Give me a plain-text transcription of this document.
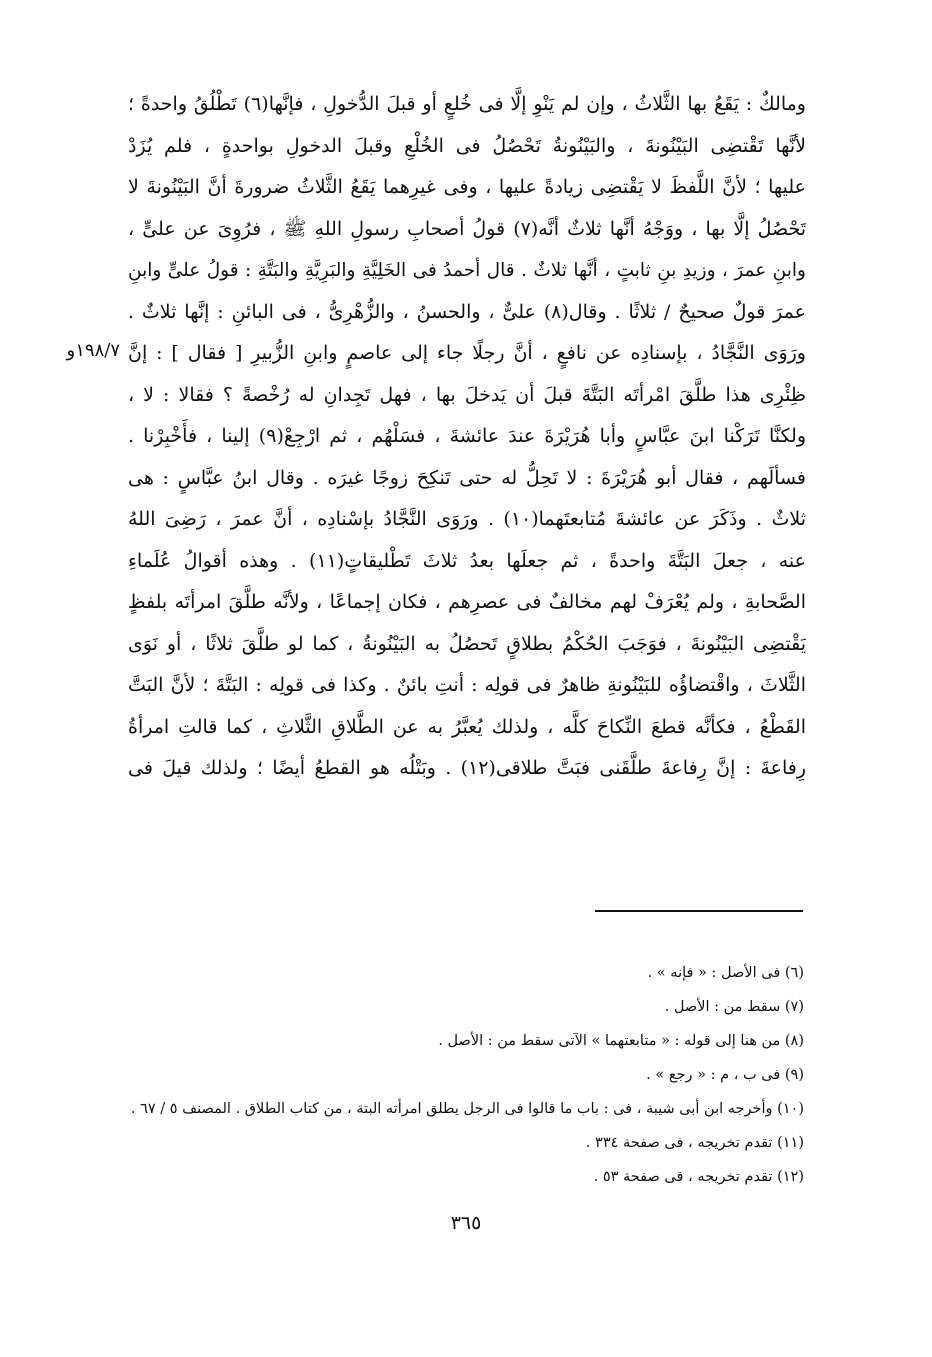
١٩٨/٧و
ومالكٌ : يَقَعُ بها الثَّلاثُ ، وإن لم يَنْوِ إلَّا فى خُلعٍ أو قبلَ الدُّخولِ ، فإنَّها(٦) تَطْلُقُ واحدةً ؛
لأنَّها تَقْتضِى البَيْنُونةَ ، والبَيْنُونةُ تَحْصُلُ فى الخُلْعِ وقبلَ الدخولِ بواحدةٍ ، فلم يُزَدْ
عليها ؛ لأنَّ اللَّفظَ لا يَقْتضِى زيادةً عليها ، وفى غيرِهما يَقَعُ الثَّلاثُ ضرورةَ أنَّ البَيْنُونةَ لا
تَحْصُلُ إلَّا بها ، ووَجْهُ أنَّها ثلاثٌ أنَّه(٧) قولُ أصحابِ رسولِ اللهِ ﷺ ، فرُوِىَ عن علىٍّ ،
وابنِ عمرَ ، وزيدِ بنِ ثابتٍ ، أنَّها ثلاثٌ . قال أحمدُ فى الخَلِيَّةِ والبَرِيَّةِ والبَتَّةِ : قولُ علىٍّ وابنِ
عمرَ قولٌ صحيحٌ / ثلاثًا . وقال(٨) علىٌّ ، والحسنُ ، والزُّهْرِىُّ ، فى البائنِ : إنَّها ثلاثٌ .
ورَوَى النَّجَّادُ ، بإسنادِه عن نافعٍ ، أنَّ رجلًا جاء إلى عاصمٍ وابنِ الزُّبيرِ [ فقال ] : إنَّ
ظِئْرِى هذا طلَّقَ امْرأتَه البَتَّةَ قبلَ أن يَدخلَ بها ، فهل تَجِدانِ له رُخْصةً ؟ فقالا : لا ،
ولكنَّا تَرَكْنا ابنَ عبَّاسٍ وأبا هُرَيْرَةَ عندَ عائشةَ ، فسَلْهُم ، ثم ارْجِعْ(٩) إلينا ، فأَخْبِرْنا .
فسألَهم ، فقال أبو هُرَيْرَةَ : لا تَحِلُّ له حتى تَنكِحَ زوجًا غيرَه . وقال ابنُ عبَّاسٍ : هى
ثلاثٌ . وذَكَرَ عن عائشةَ مُتابعتَهما(١٠) . ورَوَى النَّجَّادُ بإسْنادِه ، أنَّ عمرَ ، رَضِىَ اللهُ
عنه ، جعلَ البَتَّةَ واحدةً ، ثم جعلَها بعدُ ثلاثَ تَطْليقاتٍ(١١) . وهذه أقوالُ عُلَماءِ
الصَّحابةِ ، ولم يُعْرَفْ لهم مخالفٌ فى عصرِهم ، فكان إجماعًا ، ولأنَّه طلَّقَ امرأتَه بلفظٍ
يَقْتضِى البَيْنُونةَ ، فوَجَبَ الحُكْمُ بطلاقٍ تَحصُلُ به البَيْنُونةُ ، كما لو طلَّقَ ثلاثًا ، أو نَوَى
الثَّلاثَ ، واقْتضاؤُه للبَيْنُونةِ ظاهرٌ فى قولِه : أنتِ بائنٌ . وكذا فى قولِه : البَتَّةَ ؛ لأنَّ البَتَّ
القَطْعُ ، فكأنَّه قطعَ النِّكاحَ كلَّه ، ولذلك يُعبَّرُ به عن الطَّلاقِ الثَّلاثِ ، كما قالتِ امرأةُ
رِفاعةَ : إنَّ رِفاعةَ طلَّقَنى فبَتَّ طلاقى(١٢) . وبَتْلُه هو القطعُ أيضًا ؛ ولذلك قيلَ فى
(٦) فى الأصل : « فإنه » .
(٧) سقط من : الأصل .
(٨) من هنا إلى قوله : « متابعتهما » الآتى سقط من : الأصل .
(٩) فى ب ، م : « رجع » .
(١٠) وأخرجه ابن أبى شيبة ، فى : باب ما قالوا فى الرجل يطلق امرأته البتة ، من كتاب الطلاق . المصنف ٥ / ٦٧ .
(١١) تقدم تخريجه ، فى صفحة ٣٣٤ .
(١٢) تقدم تخريجه ، فى صفحة ٥٣ .
٣٦٥
